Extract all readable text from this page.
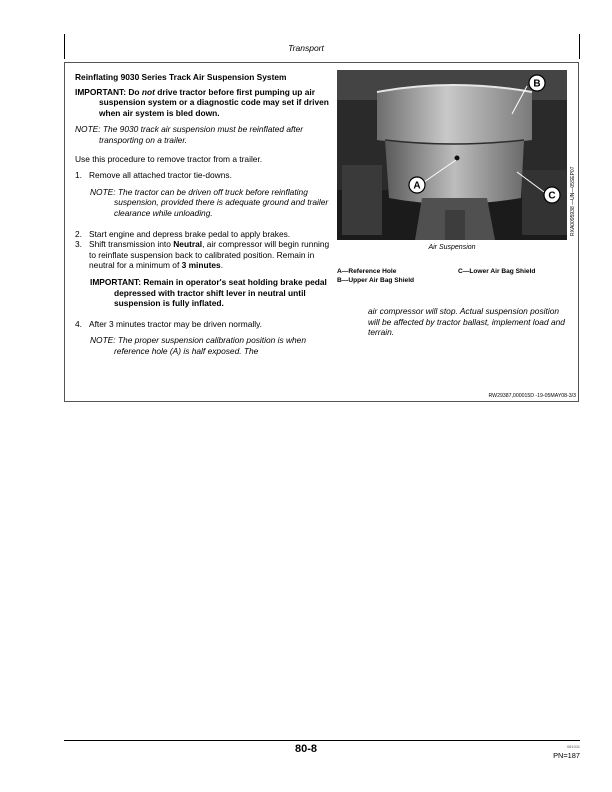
Transport

Reinflating 9030 Series Track Air Suspension System

IMPORTANT: Do not drive tractor before first pumping up air suspension system or a diagnostic code may set if driven when air system is bled down.

NOTE: The 9030 track air suspension must be reinflated after transporting on a trailer.

Use this procedure to remove tractor from a trailer.

1. Remove all attached tractor tie-downs.

NOTE: The tractor can be driven off truck before reinflating suspension, provided there is adequate ground and trailer clearance while unloading.

2. Start engine and depress brake pedal to apply brakes.
3. Shift transmission into Neutral, air compressor will begin running to reinflate suspension back to calibrated position. Remain in neutral for a minimum of 3 minutes.

IMPORTANT: Remain in operator's seat holding brake pedal depressed with tractor shift lever in neutral until suspension is fully inflated.

4. After 3 minutes tractor may be driven normally.

NOTE: The proper suspension calibration position is when reference hole (A) is half exposed. The

B
A
C	RXA0095938 —UN—05SEP07
Air Suspension
A—Reference Hole
B—Upper Air Bag Shield
C—Lower Air Bag Shield
air compressor will stop. Actual suspension position will be affected by tractor ballast, implement load and terrain.
RW29387,000015D -19-05MAY08-3/3
80-8	081011
PN=187
